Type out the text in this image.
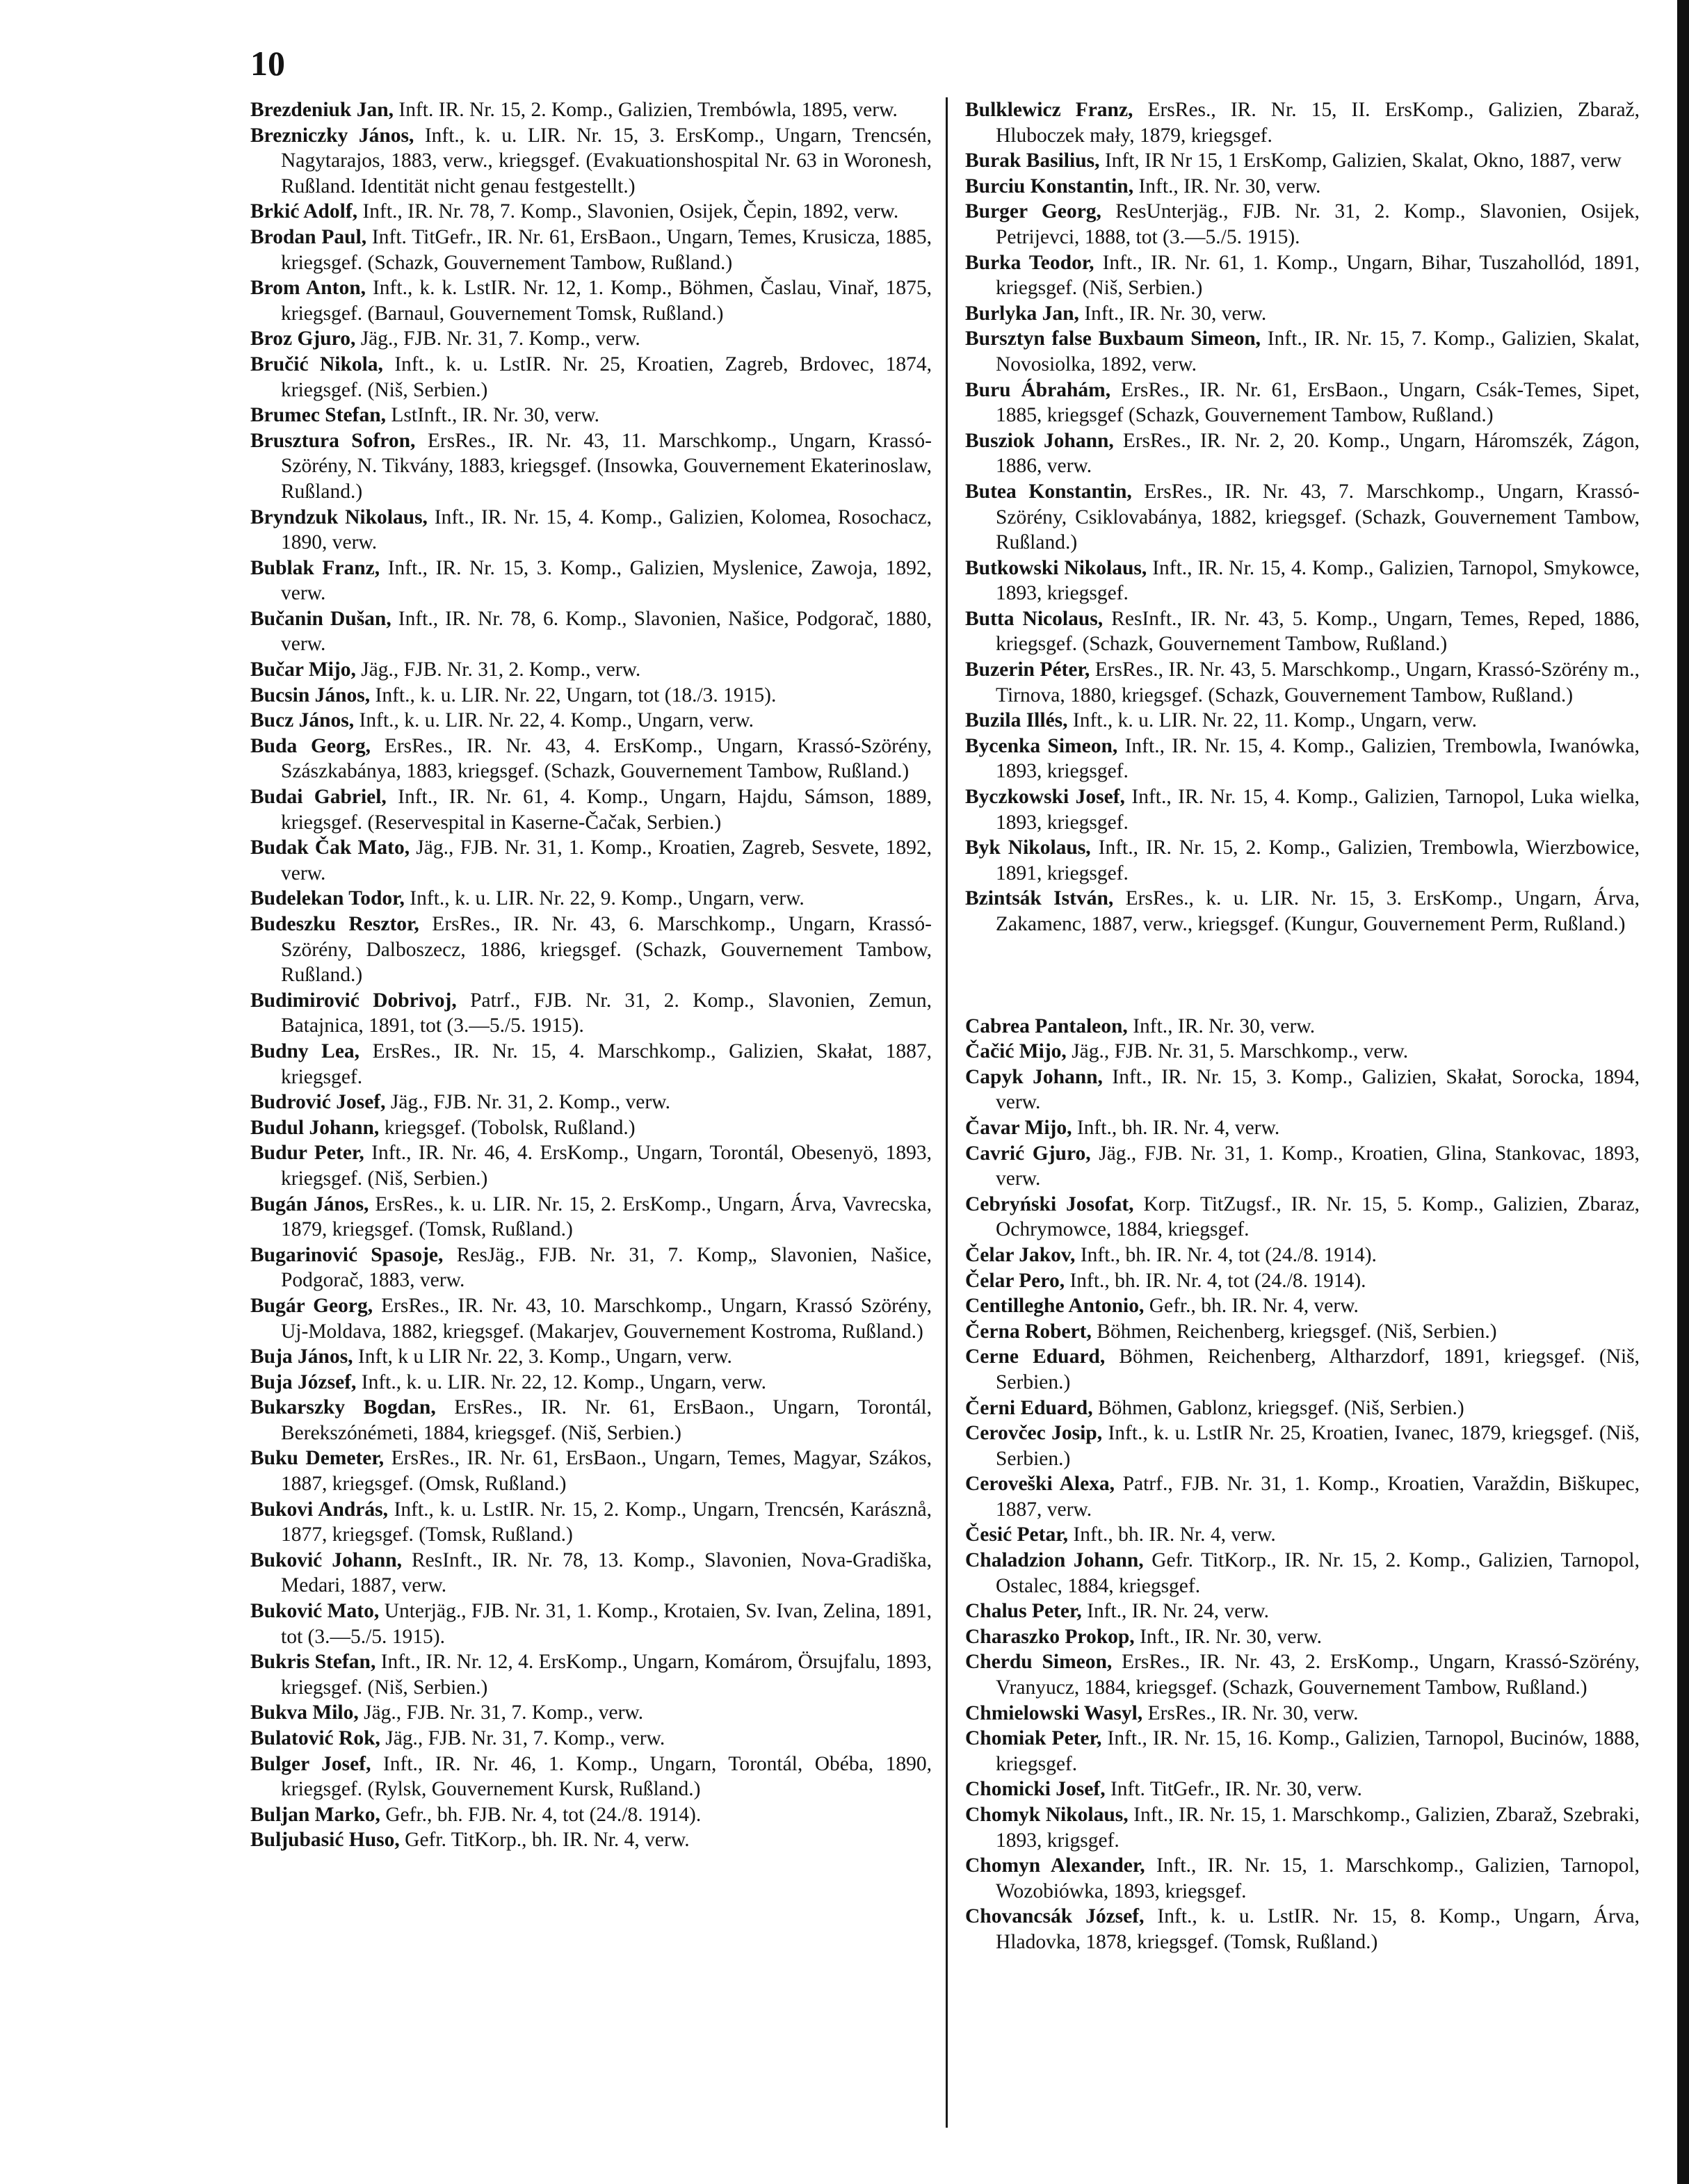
10

Brezdeniuk Jan, Inft. IR. Nr. 15, 2. Komp., Galizien, Trembówla, 1895, verw.

Brezniczky János, Inft., k. u. LIR. Nr. 15, 3. ErsKomp., Ungarn, Trencsén, Nagytarajos, 1883, verw., kriegsgef. (Evakuationshospital Nr. 63 in Woronesh, Rußland. Identität nicht genau festgestellt.)

Brkić Adolf, Inft., IR. Nr. 78, 7. Komp., Slavonien, Osijek, Čepin, 1892, verw.

Brodan Paul, Inft. TitGefr., IR. Nr. 61, ErsBaon., Ungarn, Temes, Krusicza, 1885, kriegsgef. (Schazk, Gouvernement Tambow, Rußland.)

Brom Anton, Inft., k. k. LstIR. Nr. 12, 1. Komp., Böhmen, Časlau, Vinař, 1875, kriegsgef. (Barnaul, Gouvernement Tomsk, Rußland.)

Broz Gjuro, Jäg., FJB. Nr. 31, 7. Komp., verw.

Bručić Nikola, Inft., k. u. LstIR. Nr. 25, Kroatien, Zagreb, Brdovec, 1874, kriegsgef. (Niš, Serbien.)

Brumec Stefan, LstInft., IR. Nr. 30, verw.

Brusztura Sofron, ErsRes., IR. Nr. 43, 11. Marschkomp., Ungarn, Krassó-Szörény, N. Tikvány, 1883, kriegsgef. (Insowka, Gouvernement Ekaterinoslaw, Rußland.)

Bryndzuk Nikolaus, Inft., IR. Nr. 15, 4. Komp., Galizien, Kolomea, Rosochacz, 1890, verw.

Bublak Franz, Inft., IR. Nr. 15, 3. Komp., Galizien, Myslenice, Zawoja, 1892, verw.

Bučanin Dušan, Inft., IR. Nr. 78, 6. Komp., Slavonien, Našice, Podgorač, 1880, verw.

Bučar Mijo, Jäg., FJB. Nr. 31, 2. Komp., verw.

Bucsin János, Inft., k. u. LIR. Nr. 22, Ungarn, tot (18./3. 1915).

Bucz János, Inft., k. u. LIR. Nr. 22, 4. Komp., Ungarn, verw.

Buda Georg, ErsRes., IR. Nr. 43, 4. ErsKomp., Ungarn, Krassó-Szörény, Szászkabánya, 1883, kriegsgef. (Schazk, Gouvernement Tambow, Rußland.)

Budai Gabriel, Inft., IR. Nr. 61, 4. Komp., Ungarn, Hajdu, Sámson, 1889, kriegsgef. (Reservespital in Kaserne-Čačak, Serbien.)

Budak Čak Mato, Jäg., FJB. Nr. 31, 1. Komp., Kroatien, Zagreb, Sesvete, 1892, verw.

Budelekan Todor, Inft., k. u. LIR. Nr. 22, 9. Komp., Ungarn, verw.

Budeszku Resztor, ErsRes., IR. Nr. 43, 6. Marschkomp., Ungarn, Krassó-Szörény, Dalboszecz, 1886, kriegsgef. (Schazk, Gouvernement Tambow, Rußland.)

Budimirović Dobrivoj, Patrf., FJB. Nr. 31, 2. Komp., Slavonien, Zemun, Batajnica, 1891, tot (3.—5./5. 1915).

Budny Lea, ErsRes., IR. Nr. 15, 4. Marschkomp., Galizien, Skałat, 1887, kriegsgef.

Budrović Josef, Jäg., FJB. Nr. 31, 2. Komp., verw.

Budul Johann, kriegsgef. (Tobolsk, Rußland.)

Budur Peter, Inft., IR. Nr. 46, 4. ErsKomp., Ungarn, Torontál, Obesenyö, 1893, kriegsgef. (Niš, Serbien.)

Bugán János, ErsRes., k. u. LIR. Nr. 15, 2. ErsKomp., Ungarn, Árva, Vavrecska, 1879, kriegsgef. (Tomsk, Rußland.)

Bugarinović Spasoje, ResJäg., FJB. Nr. 31, 7. Komp„ Slavonien, Našice, Podgorač, 1883, verw.

Bugár Georg, ErsRes., IR. Nr. 43, 10. Marschkomp., Ungarn, Krassó Szörény, Uj-Moldava, 1882, kriegsgef. (Makarjev, Gouvernement Kostroma, Rußland.)

Buja János, Inft, k u LIR Nr. 22, 3. Komp., Ungarn, verw.

Buja József, Inft., k. u. LIR. Nr. 22, 12. Komp., Ungarn, verw.

Bukarszky Bogdan, ErsRes., IR. Nr. 61, ErsBaon., Ungarn, Torontál, Berekszónémeti, 1884, kriegsgef. (Niš, Serbien.)

Buku Demeter, ErsRes., IR. Nr. 61, ErsBaon., Ungarn, Temes, Magyar, Szákos, 1887, kriegsgef. (Omsk, Rußland.)

Bukovi András, Inft., k. u. LstIR. Nr. 15, 2. Komp., Ungarn, Trencsén, Karásznå, 1877, kriegsgef. (Tomsk, Rußland.)

Buković Johann, ResInft., IR. Nr. 78, 13. Komp., Slavonien, Nova-Gradiška, Medari, 1887, verw.

Buković Mato, Unterjäg., FJB. Nr. 31, 1. Komp., Krotaien, Sv. Ivan, Zelina, 1891, tot (3.—5./5. 1915).

Bukris Stefan, Inft., IR. Nr. 12, 4. ErsKomp., Ungarn, Komárom, Örsujfalu, 1893, kriegsgef. (Niš, Serbien.)

Bukva Milo, Jäg., FJB. Nr. 31, 7. Komp., verw.

Bulatović Rok, Jäg., FJB. Nr. 31, 7. Komp., verw.

Bulger Josef, Inft., IR. Nr. 46, 1. Komp., Ungarn, Torontál, Obéba, 1890, kriegsgef. (Rylsk, Gouvernement Kursk, Rußland.)

Buljan Marko, Gefr., bh. FJB. Nr. 4, tot (24./8. 1914).

Buljubasić Huso, Gefr. TitKorp., bh. IR. Nr. 4, verw.

Bulklewicz Franz, ErsRes., IR. Nr. 15, II. ErsKomp., Galizien, Zbaraž, Hluboczek mały, 1879, kriegsgef.

Burak Basilius, Inft, IR Nr 15, 1 ErsKomp, Galizien, Skalat, Okno, 1887, verw

Burciu Konstantin, Inft., IR. Nr. 30, verw.

Burger Georg, ResUnterjäg., FJB. Nr. 31, 2. Komp., Slavonien, Osijek, Petrijevci, 1888, tot (3.—5./5. 1915).

Burka Teodor, Inft., IR. Nr. 61, 1. Komp., Ungarn, Bihar, Tuszahollód, 1891, kriegsgef. (Niš, Serbien.)

Burlyka Jan, Inft., IR. Nr. 30, verw.

Bursztyn false Buxbaum Simeon, Inft., IR. Nr. 15, 7. Komp., Galizien, Skalat, Novosiolka, 1892, verw.

Buru Ábrahám, ErsRes., IR. Nr. 61, ErsBaon., Ungarn, Csák-Temes, Sipet, 1885, kriegsgef (Schazk, Gouvernement Tambow, Rußland.)

Busziok Johann, ErsRes., IR. Nr. 2, 20. Komp., Ungarn, Háromszék, Zágon, 1886, verw.

Butea Konstantin, ErsRes., IR. Nr. 43, 7. Marschkomp., Ungarn, Krassó-Szörény, Csiklovabánya, 1882, kriegsgef. (Schazk, Gouvernement Tambow, Rußland.)

Butkowski Nikolaus, Inft., IR. Nr. 15, 4. Komp., Galizien, Tarnopol, Smykowce, 1893, kriegsgef.

Butta Nicolaus, ResInft., IR. Nr. 43, 5. Komp., Ungarn, Temes, Reped, 1886, kriegsgef. (Schazk, Gouvernement Tambow, Rußland.)

Buzerin Péter, ErsRes., IR. Nr. 43, 5. Marschkomp., Ungarn, Krassó-Szörény m., Tirnova, 1880, kriegsgef. (Schazk, Gouvernement Tambow, Rußland.)

Buzila Illés, Inft., k. u. LIR. Nr. 22, 11. Komp., Ungarn, verw.

Bycenka Simeon, Inft., IR. Nr. 15, 4. Komp., Galizien, Trembowla, Iwanówka, 1893, kriegsgef.

Byczkowski Josef, Inft., IR. Nr. 15, 4. Komp., Galizien, Tarnopol, Luka wielka, 1893, kriegsgef.

Byk Nikolaus, Inft., IR. Nr. 15, 2. Komp., Galizien, Trembowla, Wierzbowice, 1891, kriegsgef.

Bzintsák István, ErsRes., k. u. LIR. Nr. 15, 3. ErsKomp., Ungarn, Árva, Zakamenc, 1887, verw., kriegsgef. (Kungur, Gouvernement Perm, Rußland.)

Cabrea Pantaleon, Inft., IR. Nr. 30, verw.

Čačić Mijo, Jäg., FJB. Nr. 31, 5. Marschkomp., verw.

Capyk Johann, Inft., IR. Nr. 15, 3. Komp., Galizien, Skałat, Sorocka, 1894, verw.

Čavar Mijo, Inft., bh. IR. Nr. 4, verw.

Cavrić Gjuro, Jäg., FJB. Nr. 31, 1. Komp., Kroatien, Glina, Stankovac, 1893, verw.

Cebryński Josofat, Korp. TitZugsf., IR. Nr. 15, 5. Komp., Galizien, Zbaraz, Ochrymowce, 1884, kriegsgef.

Čelar Jakov, Inft., bh. IR. Nr. 4, tot (24./8. 1914).

Čelar Pero, Inft., bh. IR. Nr. 4, tot (24./8. 1914).

Centilleghe Antonio, Gefr., bh. IR. Nr. 4, verw.

Černa Robert, Böhmen, Reichenberg, kriegsgef. (Niš, Serbien.)

Cerne Eduard, Böhmen, Reichenberg, Altharzdorf, 1891, kriegsgef. (Niš, Serbien.)

Černi Eduard, Böhmen, Gablonz, kriegsgef. (Niš, Serbien.)

Cerovčec Josip, Inft., k. u. LstIR Nr. 25, Kroatien, Ivanec, 1879, kriegsgef. (Niš, Serbien.)

Ceroveški Alexa, Patrf., FJB. Nr. 31, 1. Komp., Kroatien, Varaždin, Biškupec, 1887, verw.

Česić Petar, Inft., bh. IR. Nr. 4, verw.

Chaladzion Johann, Gefr. TitKorp., IR. Nr. 15, 2. Komp., Galizien, Tarnopol, Ostalec, 1884, kriegsgef.

Chalus Peter, Inft., IR. Nr. 24, verw.

Charaszko Prokop, Inft., IR. Nr. 30, verw.

Cherdu Simeon, ErsRes., IR. Nr. 43, 2. ErsKomp., Ungarn, Krassó-Szörény, Vranyucz, 1884, kriegsgef. (Schazk, Gouvernement Tambow, Rußland.)

Chmielowski Wasyl, ErsRes., IR. Nr. 30, verw.

Chomiak Peter, Inft., IR. Nr. 15, 16. Komp., Galizien, Tarnopol, Bucinów, 1888, kriegsgef.

Chomicki Josef, Inft. TitGefr., IR. Nr. 30, verw.

Chomyk Nikolaus, Inft., IR. Nr. 15, 1. Marschkomp., Galizien, Zbaraž, Szebraki, 1893, krigsgef.

Chomyn Alexander, Inft., IR. Nr. 15, 1. Marschkomp., Galizien, Tarnopol, Wozobiówka, 1893, kriegsgef.

Chovancsák József, Inft., k. u. LstIR. Nr. 15, 8. Komp., Ungarn, Árva, Hladovka, 1878, kriegsgef. (Tomsk, Rußland.)
